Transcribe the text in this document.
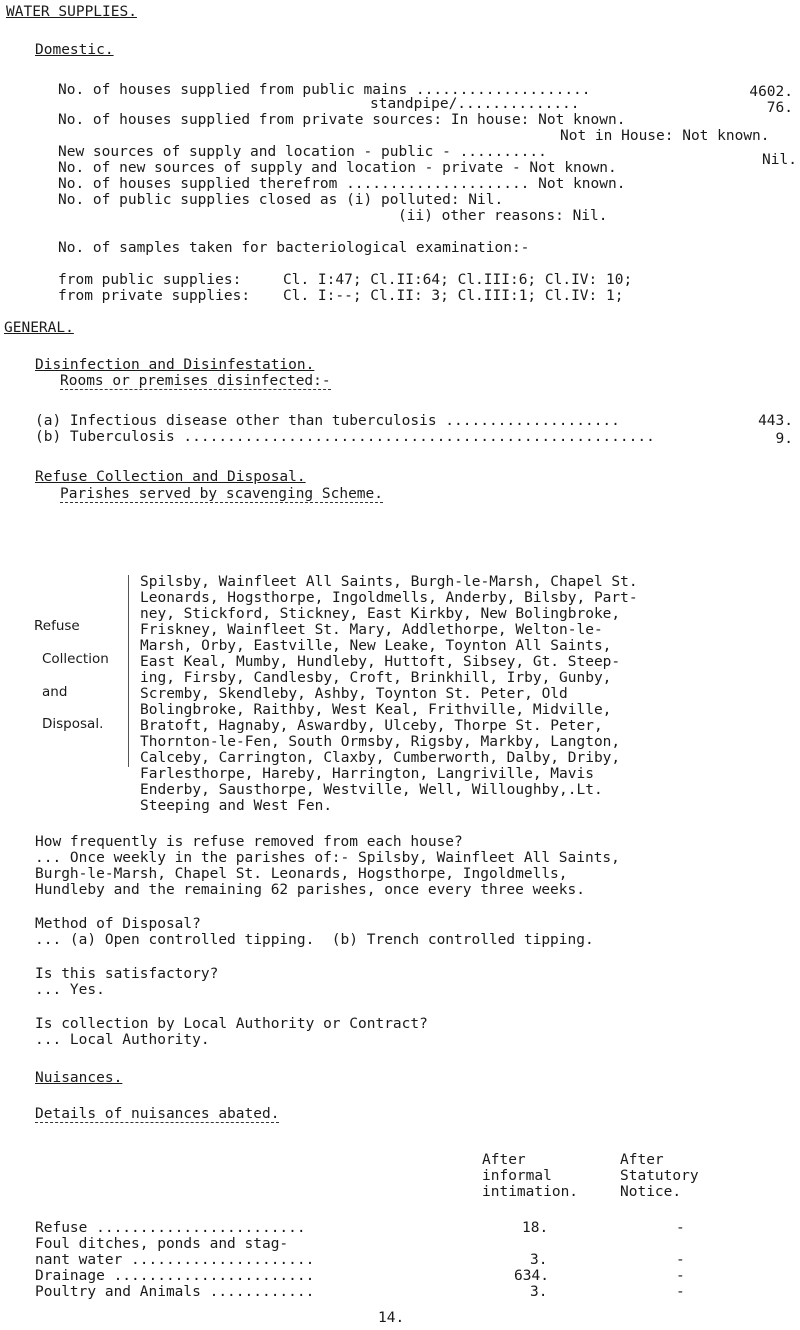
WATER SUPPLIES.
Domestic.
No. of houses supplied from public mains ....................	4602.
standpipe/..............	76.
No. of houses supplied from private sources: In house: Not known.
Not in House: Not known.
New sources of supply and location - public - ..........	Nil.
No. of new sources of supply and location - private - Not known.
No. of houses supplied therefrom ..................... Not known.
No. of public supplies closed as (i) polluted: Nil.
(ii) other reasons: Nil.
No. of samples taken for bacteriological examination:-
from public supplies:	Cl. I:47; Cl.II:64; Cl.III:6; Cl.IV: 10;
from private supplies: Cl. I:--; Cl.II: 3; Cl.III:1; Cl.IV: 1;
GENERAL.
Disinfection and Disinfestation.
Rooms or premises disinfected:-
(a) Infectious disease other than tuberculosis ....................	443.
(b) Tuberculosis ......................................................	9.
Refuse Collection and Disposal.
Parishes served by scavenging Scheme.
Refuse
Collection
and
Disposal.
Spilsby, Wainfleet All Saints, Burgh-le-Marsh, Chapel St.
Leonards, Hogsthorpe, Ingoldmells, Anderby, Bilsby, Part-
ney, Stickford, Stickney, East Kirkby, New Bolingbroke,
Friskney, Wainfleet St. Mary, Addlethorpe, Welton-le-
Marsh, Orby, Eastville, New Leake, Toynton All Saints,
East Keal, Mumby, Hundleby, Huttoft, Sibsey, Gt. Steep-
ing, Firsby, Candlesby, Croft, Brinkhill, Irby, Gunby,
Scremby, Skendleby, Ashby, Toynton St. Peter, Old
Bolingbroke, Raithby, West Keal, Frithville, Midville,
Bratoft, Hagnaby, Aswardby, Ulceby, Thorpe St. Peter,
Thornton-le-Fen, South Ormsby, Rigsby, Markby, Langton,
Calceby, Carrington, Claxby, Cumberworth, Dalby, Driby,
Farlesthorpe, Hareby, Harrington, Langriville, Mavis
Enderby, Sausthorpe, Westville, Well, Willoughby,.Lt.
Steeping and West Fen.
How frequently is refuse removed from each house?
... Once weekly in the parishes of:- Spilsby, Wainfleet All Saints,
Burgh-le-Marsh, Chapel St. Leonards, Hogsthorpe, Ingoldmells,
Hundleby and the remaining 62 parishes, once every three weeks.
Method of Disposal?
... (a) Open controlled tipping.  (b) Trench controlled tipping.
Is this satisfactory?
... Yes.
Is collection by Local Authority or Contract?
... Local Authority.
Nuisances.
Details of nuisances abated.
After
informal
intimation.
After
Statutory
Notice.
Refuse ........................	18.	-
Foul ditches, ponds and stag-
nant water .....................	3.	-
Drainage .......................	634.	-
Poultry and Animals ............	3.	-
14.
